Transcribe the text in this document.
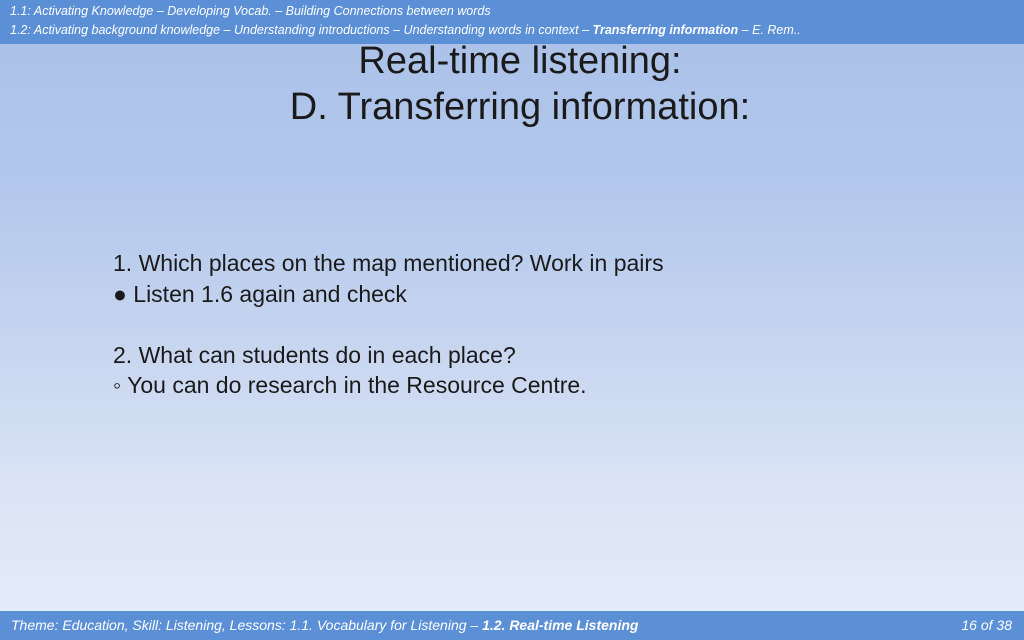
1.1: Activating Knowledge – Developing Vocab. – Building Connections between words
1.2: Activating background knowledge – Understanding introductions – Understanding words in context – Transferring information – E. Rem..
Real-time listening:
D. Transferring information:
1. Which places on the map mentioned? Work in pairs
● Listen 1.6 again and check
2. What can students do in each place?
◦ You can do research in the Resource Centre.
Theme: Education, Skill: Listening, Lessons: 1.1. Vocabulary for Listening – 1.2. Real-time Listening	16 of 38
